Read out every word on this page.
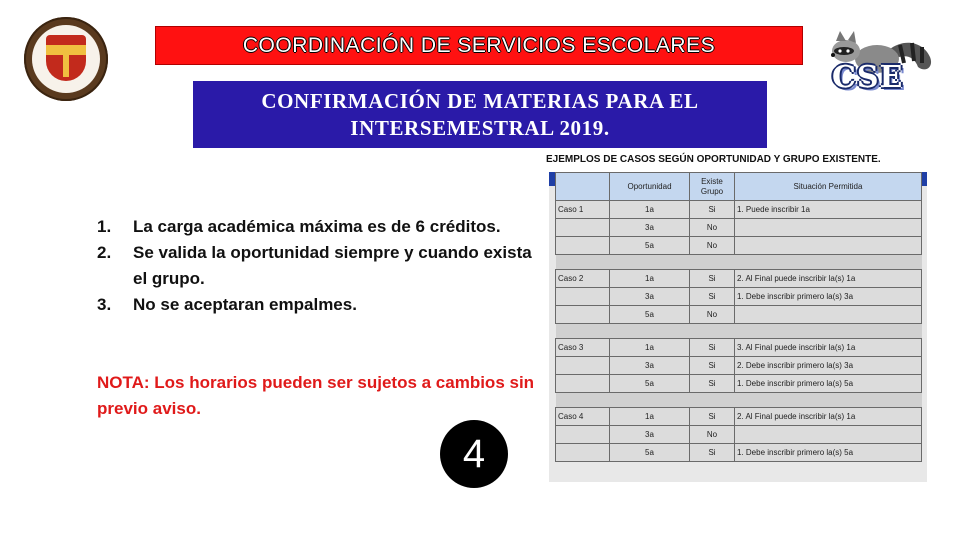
COORDINACIÓN DE SERVICIOS ESCOLARES
CSE
CONFIRMACIÓN DE MATERIAS PARA EL
INTERSEMESTRAL 2019.
EJEMPLOS DE CASOS SEGÚN OPORTUNIDAD Y GRUPO EXISTENTE.
1. La carga académica máxima es de 6 créditos.
2. Se valida la oportunidad siempre y cuando exista el grupo.
3. No se aceptaran empalmes.
NOTA: Los horarios pueden ser sujetos a cambios sin previo aviso.
4
	Oportunidad	Existe Grupo	Situación Permitida
Caso 1	1a	Si	1. Puede inscribir 1a
	3a	No	
	5a	No	

Caso 2	1a	Si	2. Al Final puede inscribir la(s) 1a
	3a	Si	1. Debe inscribir primero la(s) 3a
	5a	No	

Caso 3	1a	Si	3. Al Final puede inscribir la(s) 1a
	3a	Si	2. Debe inscribir primero la(s) 3a
	5a	Si	1. Debe inscribir primero la(s) 5a

Caso 4	1a	Si	2. Al Final puede inscribir la(s) 1a
	3a	No	
	5a	Si	1. Debe inscribir primero la(s) 5a
